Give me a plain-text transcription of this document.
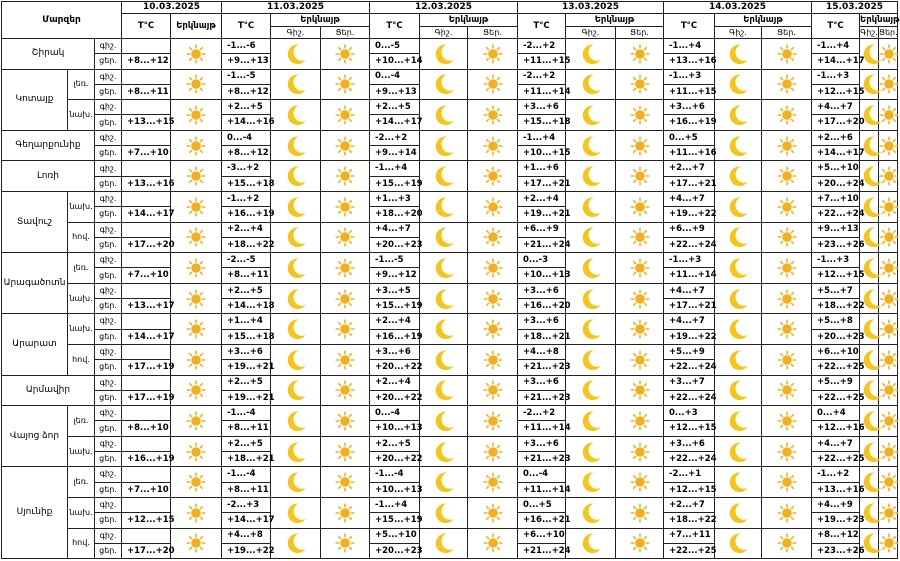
Մարզեր			10.03.2025		11.03.2025			12.03.2025			13.03.2025			14.03.2025			15.03.2025		
			T°C	Երկնայթ	T°C	Երկնայթ		T°C	Երկնայթ		T°C	Երկնայթ		T°C	Երկնայթ		T°C	Երկնայթ	
						Գիշ.	Ցեր.		Գիշ.	Ցեր.		Գիշ.	Ցեր.		Գիշ.	Ցեր.		Գիշ.	Ցեր.
Շիրակ		գիշ.			-1...-6			0...-5			-2...+2			-1...+4			-1...+4	

		ցեր.	+8...+12		+9...+13			+10...+14			+11...+15			+13...+16			+14...+17		
Կոտայք	լեռ.	գիշ.			-1...-5			0...-4			-2...+2			-1...+3			-1...+3	

		ցեր.	+8...+11		+8...+12			+9...+13			+11...+14			+11...+15			+12...+15		
	նախ.	գիշ.			+2...+5			+2...+5			+3...+6			+3...+6			+4...+7	

		ցեր.	+13...+15		+14...+16			+14...+17			+15...+18			+16...+19			+17...+20		
Գեղարքունիք		գիշ.			0...-4			-2...+2			-1...+4			0...+5			+2...+6	

		ցեր.	+7...+10		+8...+12			+9...+14			+10...+15			+11...+16			+14...+17		
Լոռի		գիշ.			-3...+2			-1...+4			+1...+6			+2...+7			+5...+10	

		ցեր.	+13...+16		+15...+18			+15...+19			+17...+21			+17...+21			+20...+24		
Տավուշ	նախ.	գիշ.			-1...+2			+1...+3			+2...+4			+4...+7			+7...+10	

		ցեր.	+14...+17		+16...+19			+18...+20			+19...+21			+19...+22			+22...+24		
	հով.	գիշ.			+2...+4			+4...+7			+6...+9			+6...+9			+9...+13	

		ցեր.	+17...+20		+18...+22			+20...+23			+21...+24			+22...+24			+23...+26		
Արագածոտն	լեռ.	գիշ.			-2...-5			-1...-5			0...-3			-1...+3			-1...+3	

		ցեր.	+7...+10		+8...+11			+9...+12			+10...+13			+11...+14			+12...+15		
	նախ.	գիշ.			+2...+5			+3...+5			+3...+6			+4...+7			+5...+7	

		ցեր.	+13...+17		+14...+18			+15...+19			+16...+20			+17...+21			+18...+22		
Արարատ	նախ.	գիշ.			+1...+4			+2...+4			+3...+6			+4...+7			+5...+8	

		ցեր.	+14...+17		+15...+18			+16...+19			+18...+21			+19...+22			+20...+23		
	հով.	գիշ.			+3...+6			+3...+6			+4...+8			+5...+9			+6...+10	

		ցեր.	+17...+19		+19...+21			+20...+22			+21...+23			+22...+24			+22...+25		
Արմավիր		գիշ.			+2...+5			+2...+4			+3...+6			+3...+7			+5...+9	

		ցեր.	+17...+19		+19...+21			+20...+22			+21...+23			+22...+24			+22...+25		
Վայոց ձոր	լեռ.	գիշ.			-1...-4			0...-4			-2...+2			0...+3			0...+4	

		ցեր.	+8...+10		+8...+11			+10...+13			+11...+14			+12...+15			+12...+16		
	նախ.	գիշ.			+2...+5			+2...+5			+3...+6			+3...+6			+4...+7	

		ցեր.	+16...+19		+18...+21			+20...+22			+21...+23			+22...+24			+22...+25		
Սյունիք	լեռ.	գիշ.			-1...-4			-1...-4			0...-4			-2...+1			-1...+2	

		ցեր.	+7...+10		+8...+11			+10...+13			+11...+14			+12...+15			+13...+16		
	նախ.	գիշ.			-2...+3			-1...+4			0...+5			+2...+7			+4...+9	

		ցեր.	+12...+15		+14...+17			+15...+19			+16...+21			+18...+22			+19...+23		
	հով.	գիշ.			+4...+8			+5...+10			+6...+10			+7...+11			+8...+12	

		ցեր.	+17...+20		+19...+22			+20...+23			+21...+24			+22...+25			+23...+26		
